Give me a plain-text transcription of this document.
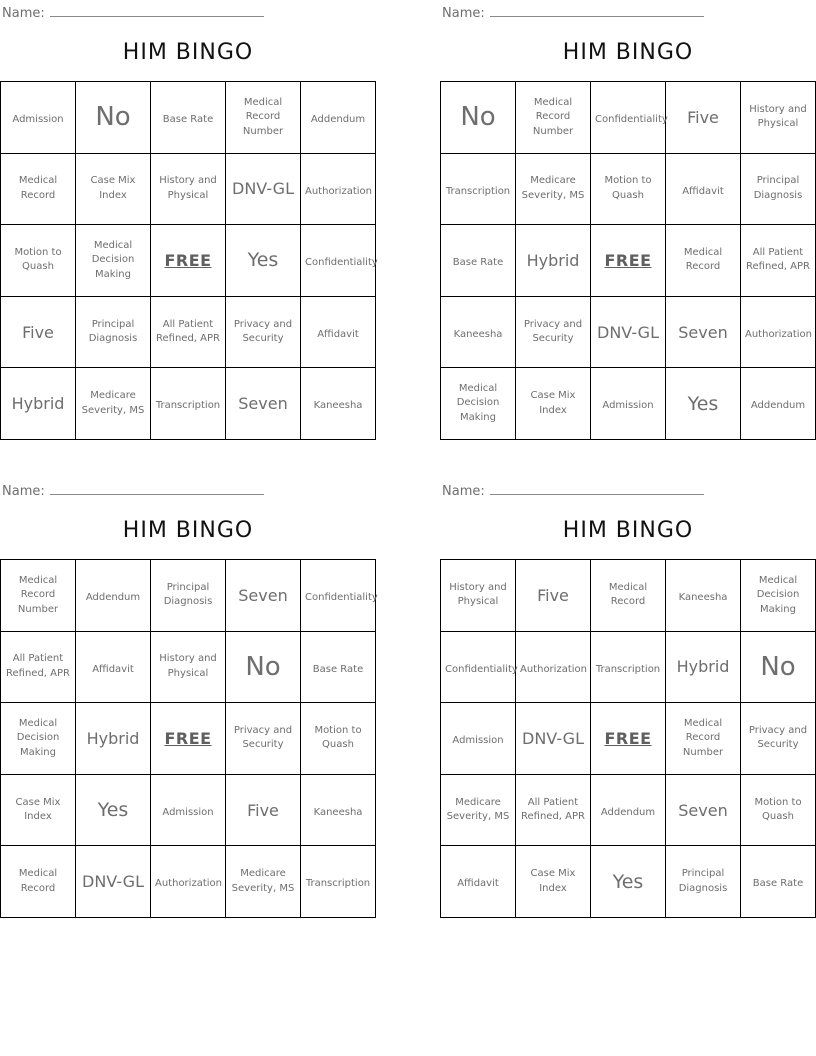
Name:
HIM BINGO
Admission	No	Base Rate	Medical Record Number	Addendum
Medical Record	Case Mix Index	History and Physical	DNV-GL	Authorization
Motion to Quash	Medical Decision Making	FREE	Yes	Confidentiality
Five	Principal Diagnosis	All Patient Refined, APR	Privacy and Security	Affidavit
Hybrid	Medicare Severity, MS	Transcription	Seven	Kaneesha
Name:
HIM BINGO
No	Medical Record Number	Confidentiality	Five	History and Physical
Transcription	Medicare Severity, MS	Motion to Quash	Affidavit	Principal Diagnosis
Base Rate	Hybrid	FREE	Medical Record	All Patient Refined, APR
Kaneesha	Privacy and Security	DNV-GL	Seven	Authorization
Medical Decision Making	Case Mix Index	Admission	Yes	Addendum
Name:
HIM BINGO
Medical Record Number	Addendum	Principal Diagnosis	Seven	Confidentiality
All Patient Refined, APR	Affidavit	History and Physical	No	Base Rate
Medical Decision Making	Hybrid	FREE	Privacy and Security	Motion to Quash
Case Mix Index	Yes	Admission	Five	Kaneesha
Medical Record	DNV-GL	Authorization	Medicare Severity, MS	Transcription
Name:
HIM BINGO
History and Physical	Five	Medical Record	Kaneesha	Medical Decision Making
Confidentiality	Authorization	Transcription	Hybrid	No
Admission	DNV-GL	FREE	Medical Record Number	Privacy and Security
Medicare Severity, MS	All Patient Refined, APR	Addendum	Seven	Motion to Quash
Affidavit	Case Mix Index	Yes	Principal Diagnosis	Base Rate
